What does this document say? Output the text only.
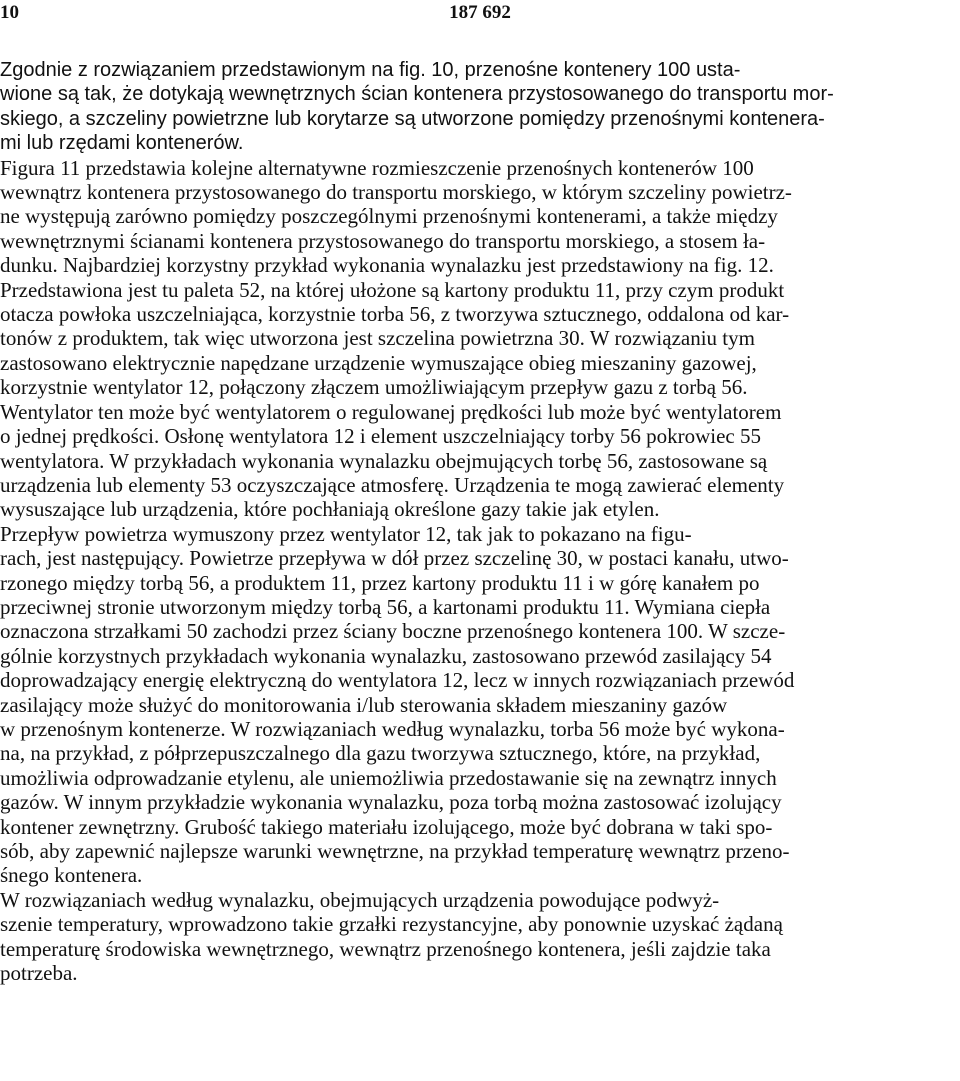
10	187 692

Zgodnie z rozwiązaniem przedstawionym na fig. 10, przenośne kontenery 100 usta-
wione są tak, że dotykają wewnętrznych ścian kontenera przystosowanego do transportu mor-
skiego, a szczeliny powietrzne lub korytarze są utworzone pomiędzy przenośnymi kontenera-
mi lub rzędami kontenerów.

Figura 11 przedstawia kolejne alternatywne rozmieszczenie przenośnych kontenerów 100
wewnątrz kontenera przystosowanego do transportu morskiego, w którym szczeliny powietrz-
ne występują zarówno pomiędzy poszczególnymi przenośnymi kontenerami, a także między
wewnętrznymi ścianami kontenera przystosowanego do transportu morskiego, a stosem ła-
dunku. Najbardziej korzystny przykład wykonania wynalazku jest przedstawiony na fig. 12.
Przedstawiona jest tu paleta 52, na której ułożone są kartony produktu 11, przy czym produkt
otacza powłoka uszczelniająca, korzystnie torba 56, z tworzywa sztucznego, oddalona od kar-
tonów z produktem, tak więc utworzona jest szczelina powietrzna 30. W rozwiązaniu tym
zastosowano elektrycznie napędzane urządzenie wymuszające obieg mieszaniny gazowej,
korzystnie wentylator 12, połączony złączem umożliwiającym przepływ gazu z torbą 56.
Wentylator ten może być wentylatorem o regulowanej prędkości lub może być wentylatorem
o jednej prędkości. Osłonę wentylatora 12 i element uszczelniający torby 56 pokrowiec 55
wentylatora. W przykładach wykonania wynalazku obejmujących torbę 56, zastosowane są
urządzenia lub elementy 53 oczyszczające atmosferę. Urządzenia te mogą zawierać elementy
wysuszające lub urządzenia, które pochłaniają określone gazy takie jak etylen.

Przepływ powietrza wymuszony przez wentylator 12, tak jak to pokazano na figu-
rach, jest następujący. Powietrze przepływa w dół przez szczelinę 30, w postaci kanału, utwo-
rzonego między torbą 56, a produktem 11, przez kartony produktu 11 i w górę kanałem po
przeciwnej stronie utworzonym między torbą 56, a kartonami produktu 11. Wymiana ciepła
oznaczona strzałkami 50 zachodzi przez ściany boczne przenośnego kontenera 100. W szcze-
gólnie korzystnych przykładach wykonania wynalazku, zastosowano przewód zasilający 54
doprowadzający energię elektryczną do wentylatora 12, lecz w innych rozwiązaniach przewód
zasilający może służyć do monitorowania i/lub sterowania składem mieszaniny gazów
w przenośnym kontenerze. W rozwiązaniach według wynalazku, torba 56 może być wykona-
na, na przykład, z półprzepuszczalnego dla gazu tworzywa sztucznego, które, na przykład,
umożliwia odprowadzanie etylenu, ale uniemożliwia przedostawanie się na zewnątrz innych
gazów. W innym przykładzie wykonania wynalazku, poza torbą można zastosować izolujący
kontener zewnętrzny. Grubość takiego materiału izolującego, może być dobrana w taki spo-
sób, aby zapewnić najlepsze warunki wewnętrzne, na przykład temperaturę wewnątrz przeno-
śnego kontenera.

W rozwiązaniach według wynalazku, obejmujących urządzenia powodujące podwyż-
szenie temperatury, wprowadzono takie grzałki rezystancyjne, aby ponownie uzyskać żądaną
temperaturę środowiska wewnętrznego, wewnątrz przenośnego kontenera, jeśli zajdzie taka
potrzeba.
